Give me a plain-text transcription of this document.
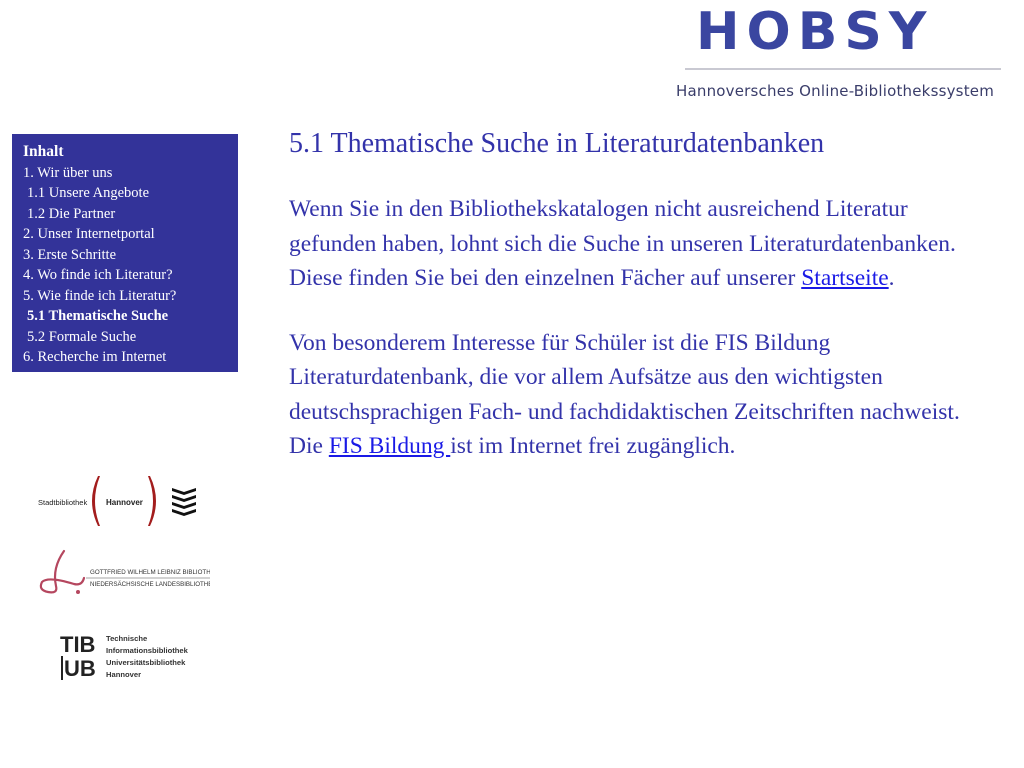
HOBSY
Hannoversches Online-Bibliothekssystem
Inhalt
1. Wir über uns
1.1 Unsere Angebote
1.2 Die Partner
2. Unser Internetportal
3. Erste Schritte
4. Wo finde ich Literatur?
5. Wie finde ich Literatur?
5.1 Thematische Suche
5.2 Formale Suche
6. Recherche im Internet
Stadtbibliothek Hannover
GOTTFRIED WILHELM LEIBNIZ BIBLIOTHEK
NIEDERSÄCHSISCHE LANDESBIBLIOTHEK
TIB
UB
Technische
Informationsbibliothek
Universitätsbibliothek
Hannover
5.1 Thematische Suche in Literaturdatenbanken

Wenn Sie in den Bibliothekskatalogen nicht ausreichend Literatur gefunden haben, lohnt sich die Suche in unseren Literaturdatenbanken. Diese finden Sie bei den einzelnen Fächer auf unserer Startseite.

Von besonderem Interesse für Schüler ist die FIS Bildung Literaturdatenbank, die vor allem Aufsätze aus den wichtigsten deutschsprachigen Fach- und fachdidaktischen Zeitschriften nachweist. Die FIS Bildung ist im Internet frei zugänglich.
